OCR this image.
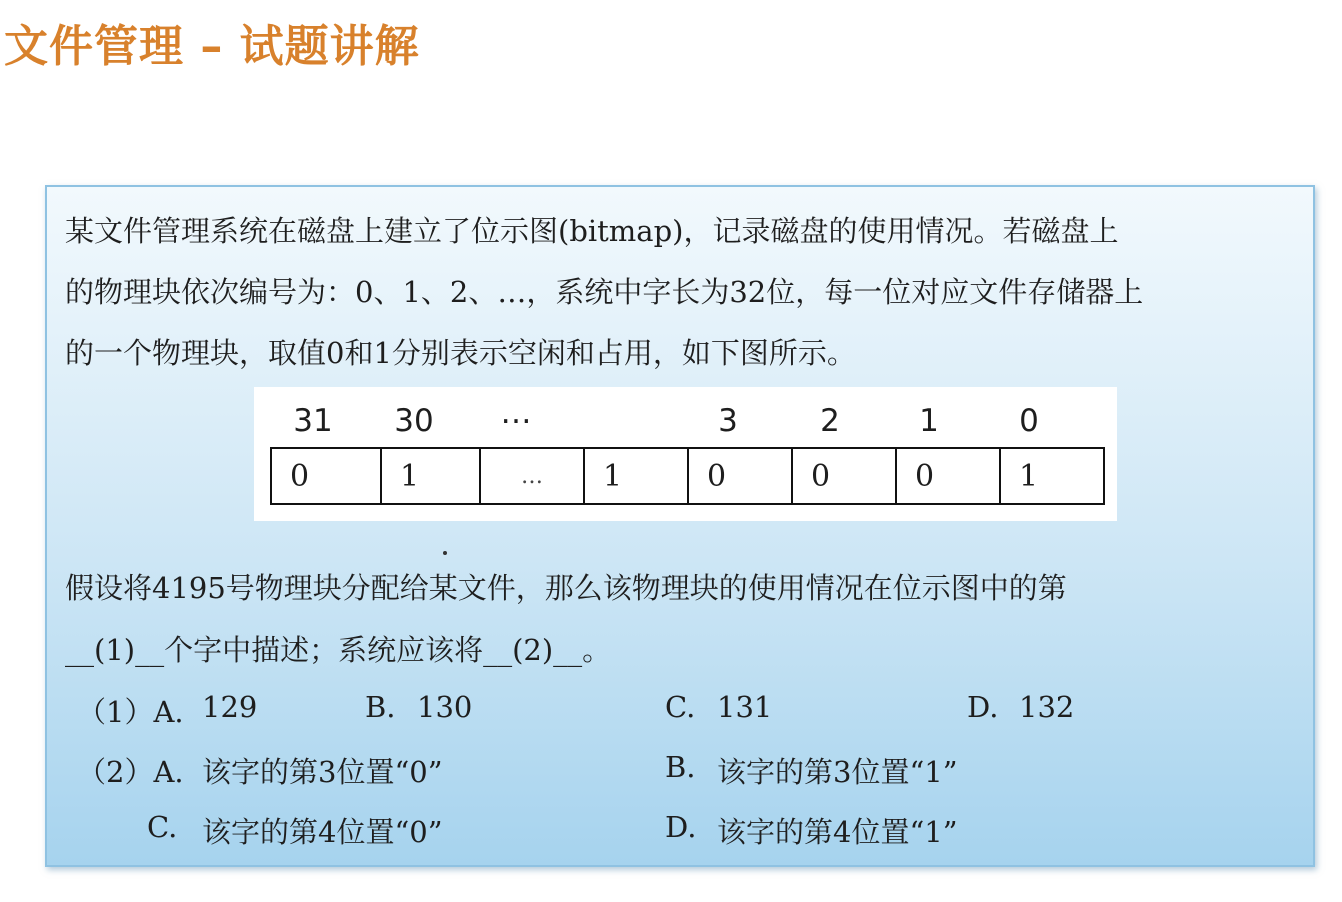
文件管理 – 试题讲解

某文件管理系统在磁盘上建立了位示图(bitmap)，记录磁盘的使用情况。若磁盘上
的物理块依次编号为：0、1、2、…，系统中字长为32位，每一位对应文件存储器上
的一个物理块，取值0和1分别表示空闲和占用，如下图所示。

31	30	…	3	2	1	0
0	1	…	1	0	0	0	1

假设将4195号物理块分配给某文件，那么该物理块的使用情况在位示图中的第
__(1)__个字中描述；系统应该将__(2)__。

（1）A. 129	B. 130	C. 131	D. 132
（2）A. 该字的第3位置“0”	B. 该字的第3位置“1”
C. 该字的第4位置“0”	D. 该字的第4位置“1”
